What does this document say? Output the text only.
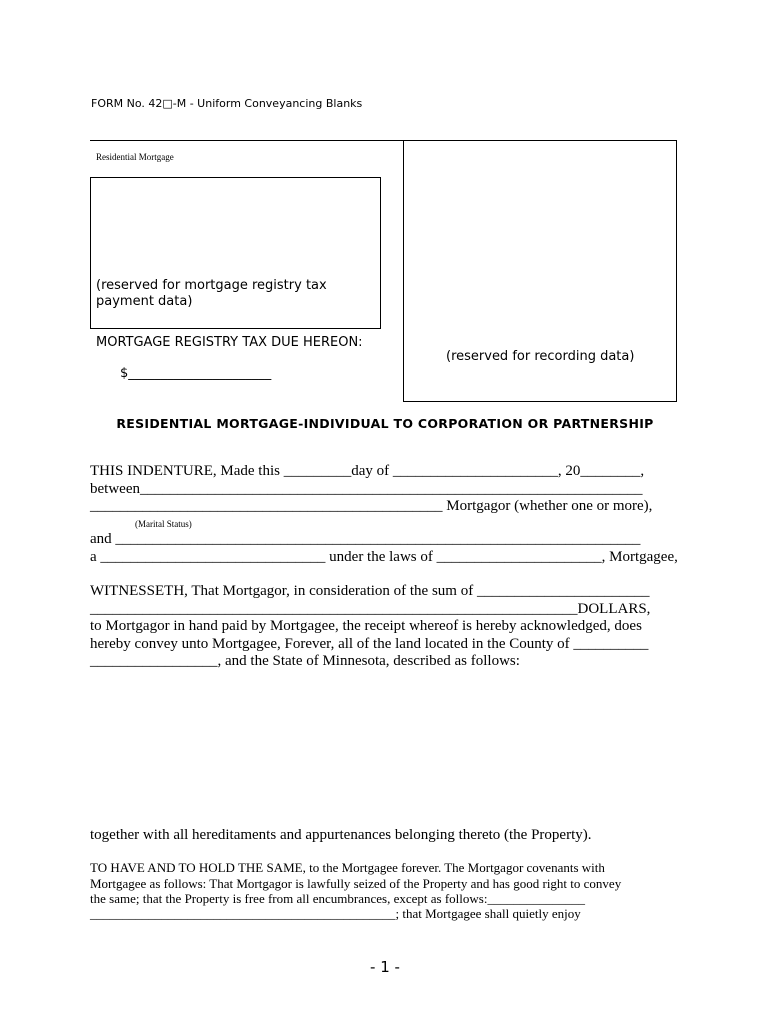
FORM No. 42□-M - Uniform Conveyancing Blanks
Residential Mortgage
(reserved for mortgage registry tax payment data)
MORTGAGE REGISTRY TAX DUE HEREON:
$______________________
(reserved for recording data)
RESIDENTIAL MORTGAGE-INDIVIDUAL TO CORPORATION OR PARTNERSHIP
THIS INDENTURE, Made this _________day of ______________________, 20________,
between___________________________________________________________________
_______________________________________________ Mortgagor (whether one or more),
(Marital Status)
and ______________________________________________________________________
a ______________________________ under the laws of ______________________, Mortgagee,
WITNESSETH, That Mortgagor, in consideration of the sum of _______________________
_________________________________________________________________DOLLARS,
to Mortgagor in hand paid by Mortgagee, the receipt whereof is hereby acknowledged, does
hereby convey unto Mortgagee, Forever, all of the land located in the County of __________
_________________, and the State of Minnesota, described as follows:
together with all hereditaments and appurtenances belonging thereto (the Property).
TO HAVE AND TO HOLD THE SAME, to the Mortgagee forever. The Mortgagor covenants with
Mortgagee as follows: That Mortgagor is lawfully seized of the Property and has good right to convey
the same; that the Property is free from all encumbrances, except as follows:_______________
_______________________________________________; that Mortgagee shall quietly enjoy
- 1 -
